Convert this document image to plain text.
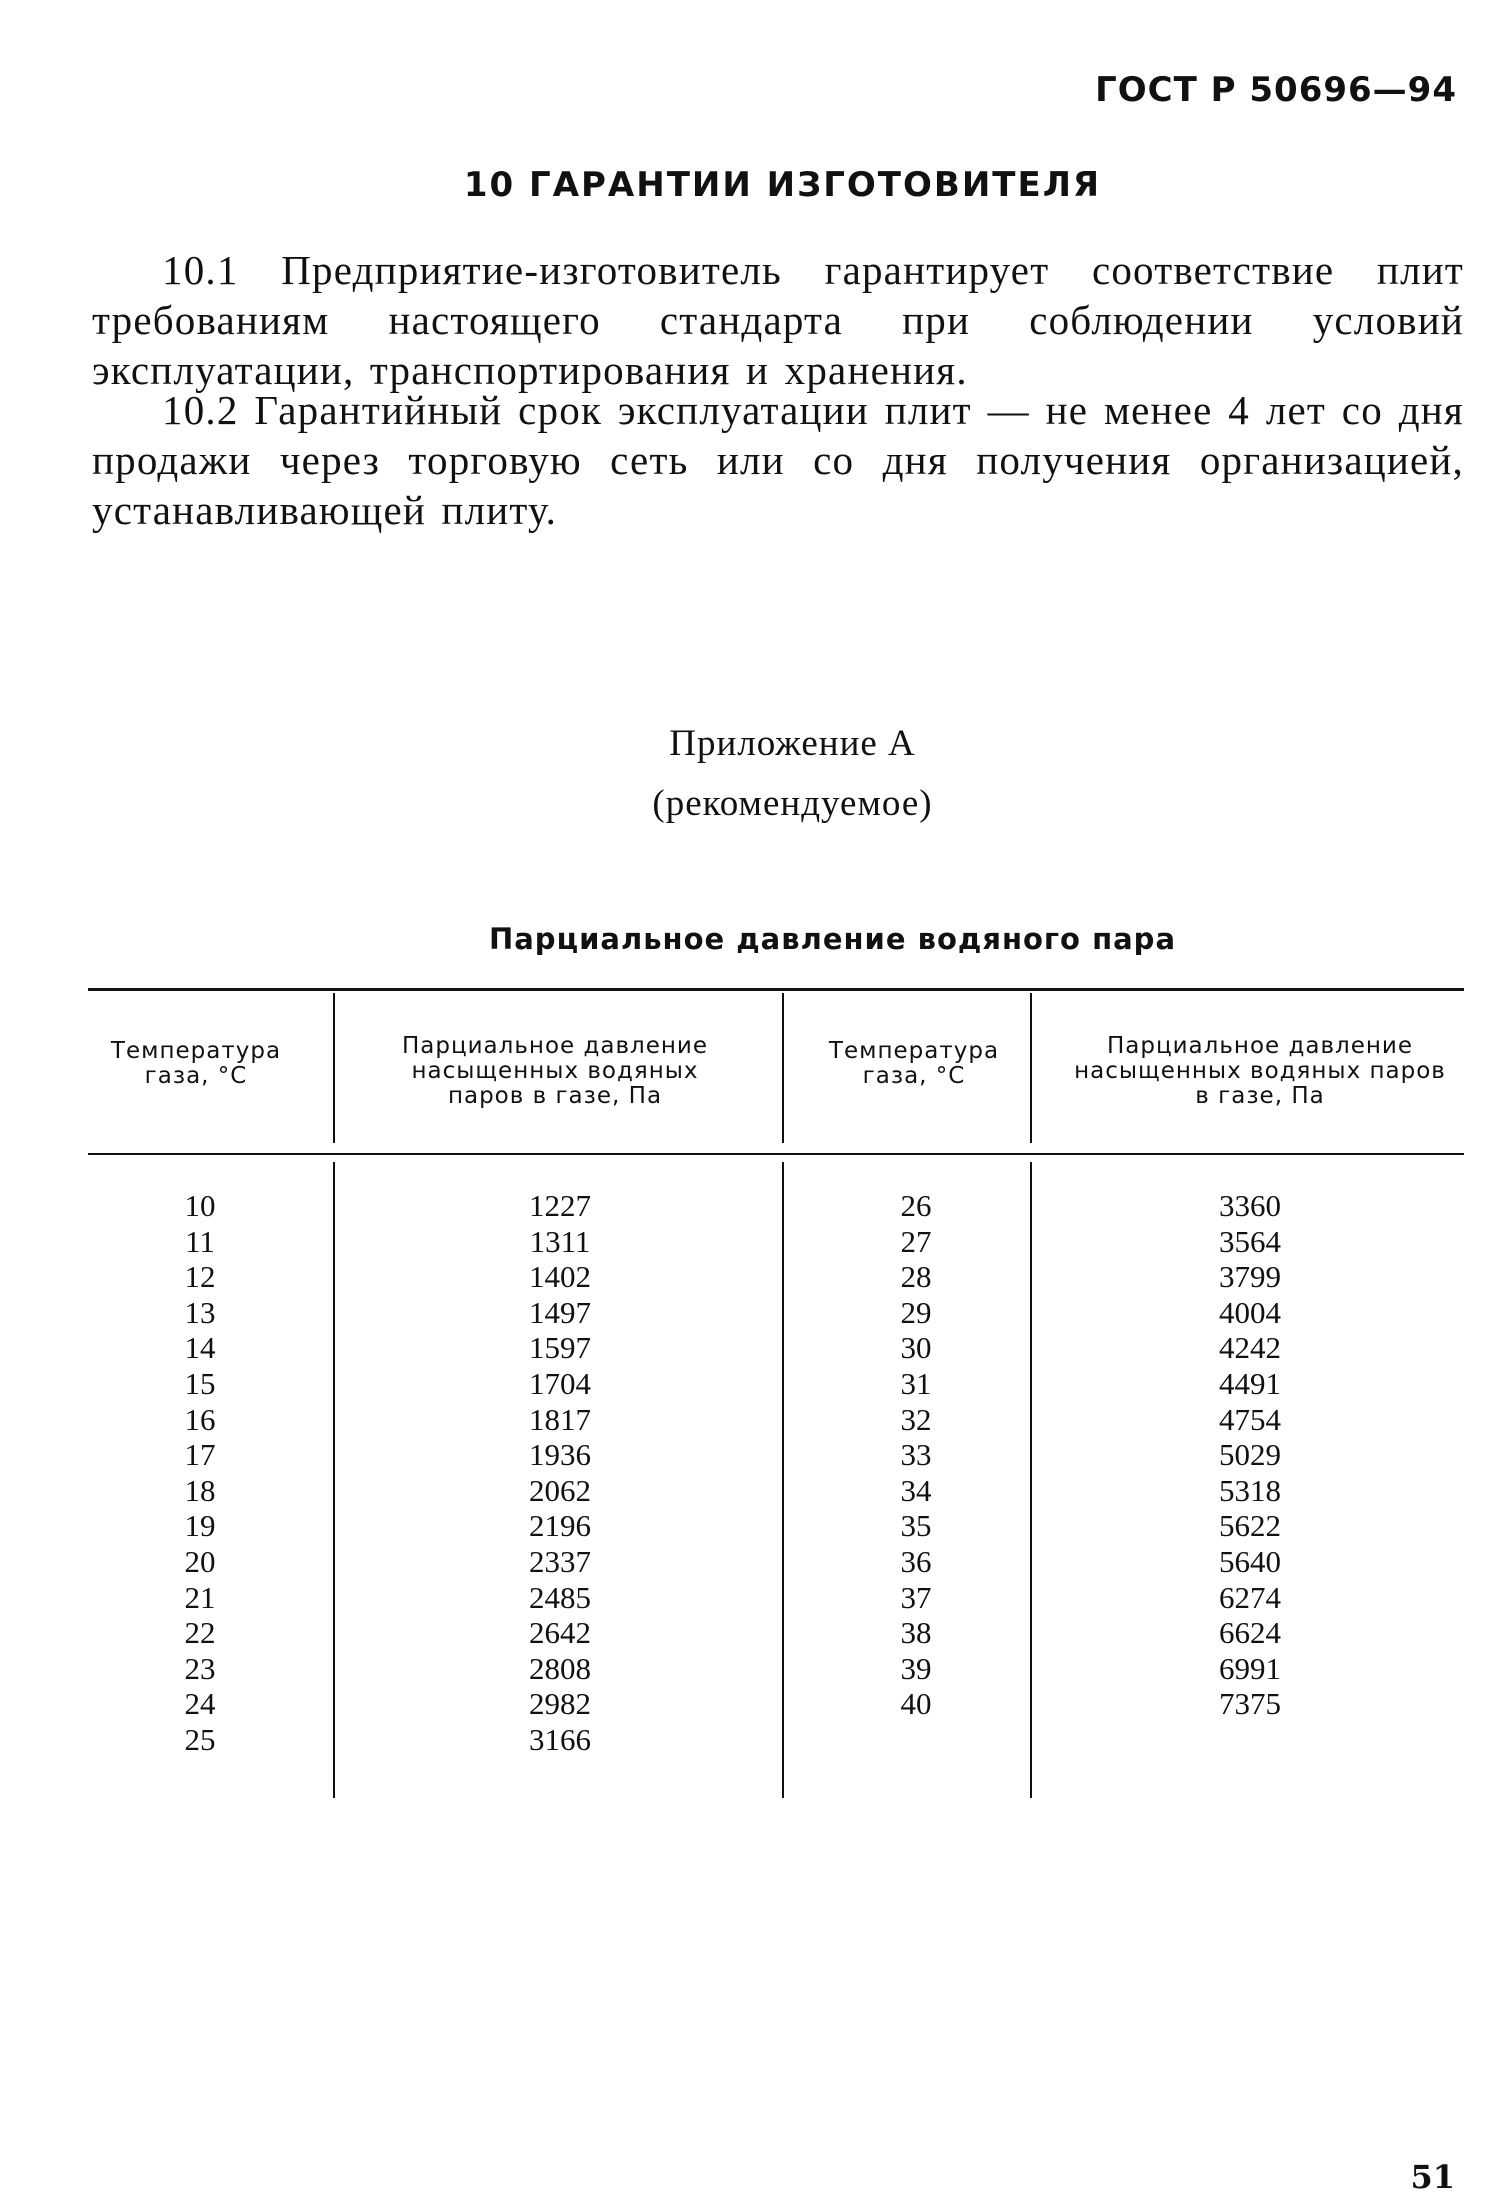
ГОСТ Р 50696—94
10 ГАРАНТИИ ИЗГОТОВИТЕЛЯ
10.1 Предприятие-изготовитель гарантирует соответствие плит требованиям настоящего стандарта при соблюдении условий эксплуатации, транспортирования и хранения.
10.2 Гарантийный срок эксплуатации плит — не менее 4 лет со дня продажи через торговую сеть или со дня получения организацией, устанавливающей плиту.
Приложение А
(рекомендуемое)
Парциальное давление водяного пара
Температура газа, °С
Парциальное давление насыщенных водяных паров в газе, Па
Температура газа, °С
Парциальное давление насыщенных водяных паров в газе, Па
10
11
12
13
14
15
16
17
18
19
20
21
22
23
24
25
1227
1311
1402
1497
1597
1704
1817
1936
2062
2196
2337
2485
2642
2808
2982
3166
26
27
28
29
30
31
32
33
34
35
36
37
38
39
40
3360
3564
3799
4004
4242
4491
4754
5029
5318
5622
5640
6274
6624
6991
7375
51
